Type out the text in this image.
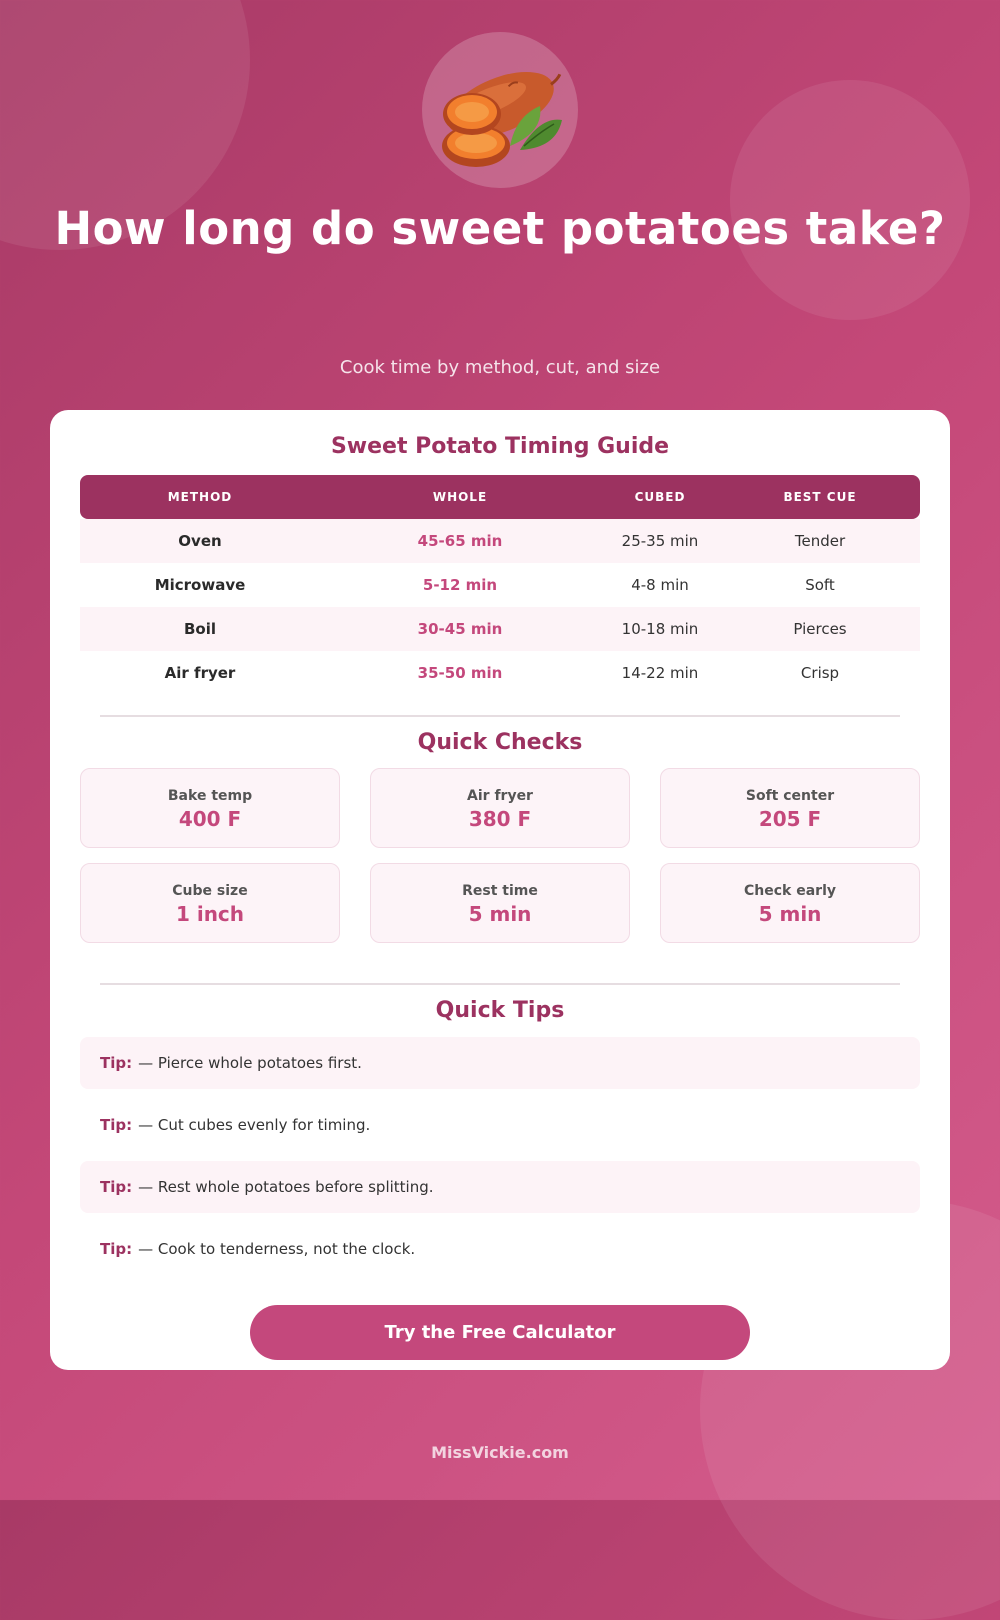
How long do sweet potatoes take?

Cook time by method, cut, and size

Sweet Potato Timing Guide
METHOD	WHOLE	CUBED	BEST CUE
Oven	45-65 min	25-35 min	Tender
Microwave	5-12 min	4-8 min	Soft
Boil	30-45 min	10-18 min	Pierces
Air fryer	35-50 min	14-22 min	Crisp
Quick Checks
Bake temp
400 F
Air fryer
380 F
Soft center
205 F
Cube size
1 inch
Rest time
5 min
Check early
5 min
Quick Tips
Tip: — Pierce whole potatoes first.
Tip: — Cut cubes evenly for timing.
Tip: — Rest whole potatoes before splitting.
Tip: — Cook to tenderness, not the clock.
Try the Free Calculator
MissVickie.com
